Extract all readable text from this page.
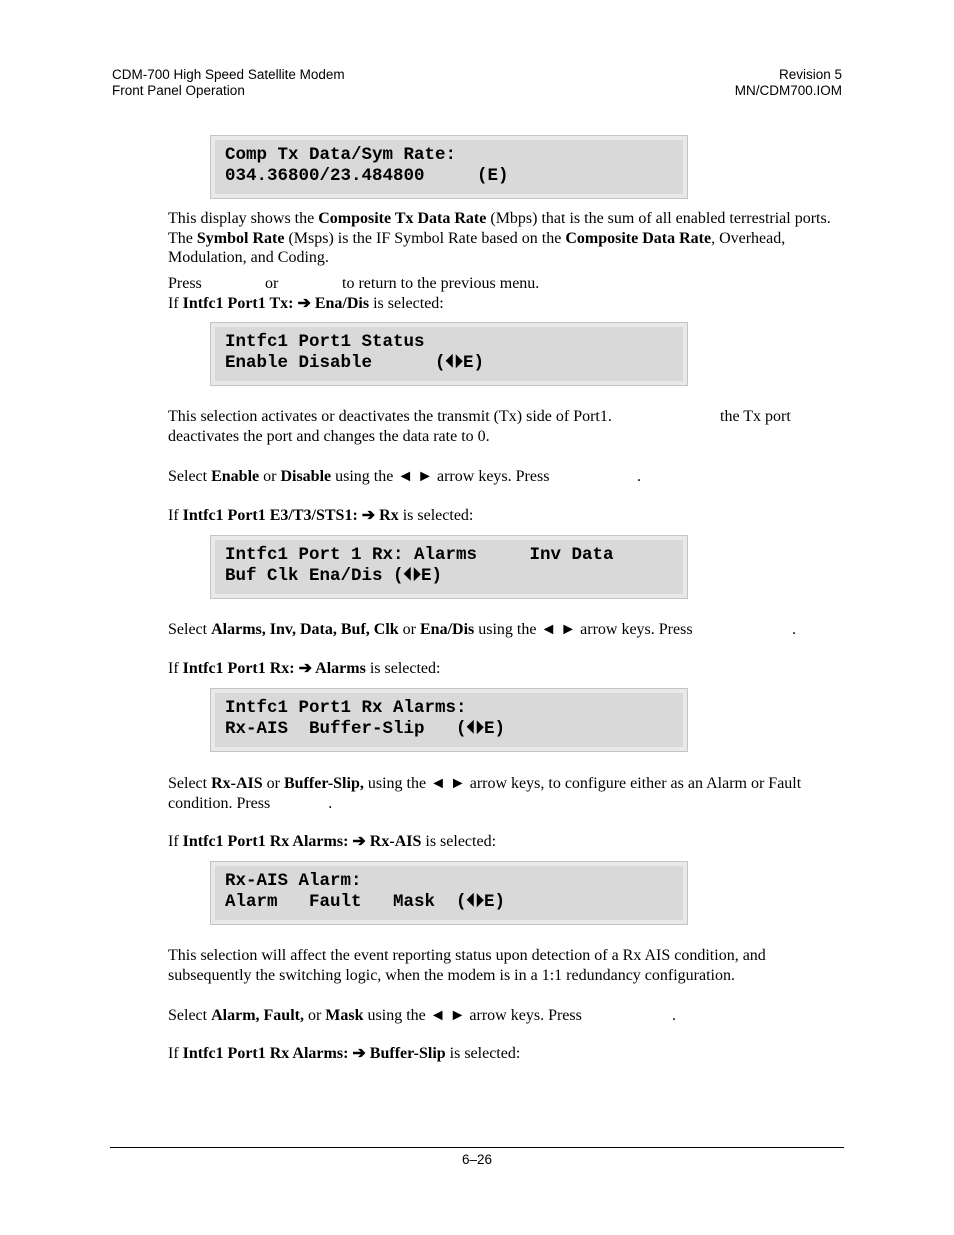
CDM-700 High Speed Satellite Modem
Front Panel Operation
Revision 5
MN/CDM700.IOM
Comp Tx Data/Sym Rate:
034.36800/23.484800     (E)
This display shows the Composite Tx Data Rate (Mbps) that is the sum of all enabled terrestrial ports. The Symbol Rate (Msps) is the IF Symbol Rate based on the Composite Data Rate, Overhead, Modulation, and Coding.
Press	or	to return to the previous menu.
If Intfc1 Port1 Tx: ➔ Ena/Dis is selected:
Intfc1 Port1 Status
Enable Disable      (⏴⏵E)
This selection activates or deactivates the transmit (Tx) side of Port1.	the Tx port
deactivates the port and changes the data rate to 0.
Select Enable or Disable using the ◄ ► arrow keys. Press	.
If Intfc1 Port1 E3/T3/STS1: ➔ Rx is selected:
Intfc1 Port 1 Rx: Alarms     Inv Data
Buf Clk Ena/Dis (⏴⏵E)
Select Alarms, Inv, Data, Buf, Clk or Ena/Dis using the ◄ ► arrow keys. Press	.
If Intfc1 Port1 Rx: ➔ Alarms is selected:
Intfc1 Port1 Rx Alarms:
Rx-AIS  Buffer-Slip   (⏴⏵E)
Select Rx-AIS or Buffer-Slip, using the ◄ ► arrow keys, to configure either as an Alarm or Fault condition. Press	.
If Intfc1 Port1 Rx Alarms: ➔ Rx-AIS is selected:
Rx-AIS Alarm:
Alarm   Fault   Mask  (⏴⏵E)
This selection will affect the event reporting status upon detection of a Rx AIS condition, and subsequently the switching logic, when the modem is in a 1:1 redundancy configuration.
Select Alarm, Fault, or Mask using the ◄ ► arrow keys. Press	.
If Intfc1 Port1 Rx Alarms: ➔ Buffer-Slip is selected:
6–26
